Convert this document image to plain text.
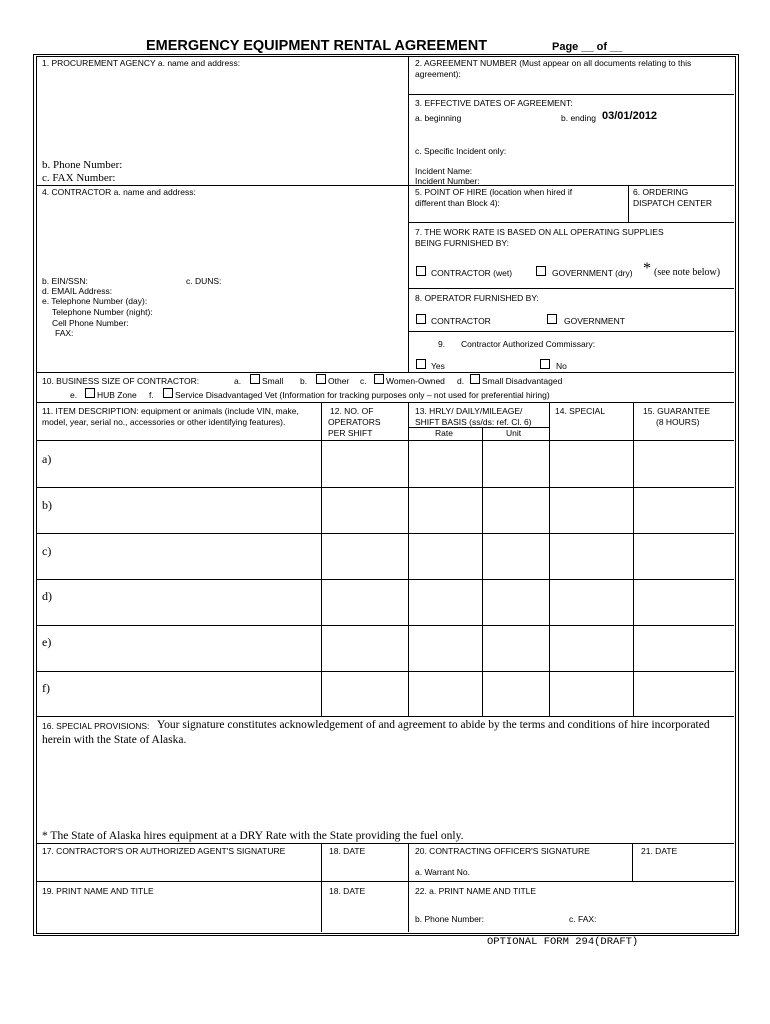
EMERGENCY EQUIPMENT RENTAL AGREEMENT	Page __ of __
1. PROCUREMENT AGENCY a. name and address:
b. Phone Number:
c. FAX Number:
2. AGREEMENT NUMBER (Must appear on all documents relating to this
agreement):
3. EFFECTIVE DATES OF AGREEMENT:
a. beginning	b. ending 03/01/2012
c. Specific Incident only:
Incident Name:
Incident Number:
4. CONTRACTOR a. name and address:
b. EIN/SSN:	c. DUNS:
d. EMAIL Address:
e. Telephone Number (day):
Telephone Number (night):
Cell Phone Number:
FAX:
5. POINT OF HIRE (location when hired if
different than Block 4):
6. ORDERING
DISPATCH CENTER
7. THE WORK RATE IS BASED ON ALL OPERATING SUPPLIES
BEING FURNISHED BY:
CONTRACTOR (wet)	GOVERNMENT (dry) * (see note below)
8. OPERATOR FURNISHED BY:
CONTRACTOR	GOVERNMENT
9. Contractor Authorized Commissary:
Yes	No
10. BUSINESS SIZE OF CONTRACTOR:	a. Small b. Other c. Women-Owned d. Small Disadvantaged
e. HUB Zone f.	Service Disadvantaged Vet (Information for tracking purposes only – not used for preferential hiring)
11. ITEM DESCRIPTION: equipment or animals (include VIN, make,
model, year, serial no., accessories or other identifying features).
12. NO. OF
OPERATORS
PER SHIFT
13. HRLY/ DAILY/MILEAGE/
SHIFT BASIS (ss/ds: ref. Cl. 6)
Rate	Unit
14. SPECIAL	15. GUARANTEE
(8 HOURS)
a)
b)
c)
d)
e)
f)
16. SPECIAL PROVISIONS: Your signature constitutes acknowledgement of and agreement to abide by the terms and conditions of hire incorporated
herein with the State of Alaska.
* The State of Alaska hires equipment at a DRY Rate with the State providing the fuel only.
17. CONTRACTOR'S OR AUTHORIZED AGENT'S SIGNATURE	18. DATE	20. CONTRACTING OFFICER'S SIGNATURE	21. DATE
a. Warrant No.
19. PRINT NAME AND TITLE	18. DATE	22. a. PRINT NAME AND TITLE
b. Phone Number:	c. FAX:
OPTIONAL FORM 294(DRAFT)
